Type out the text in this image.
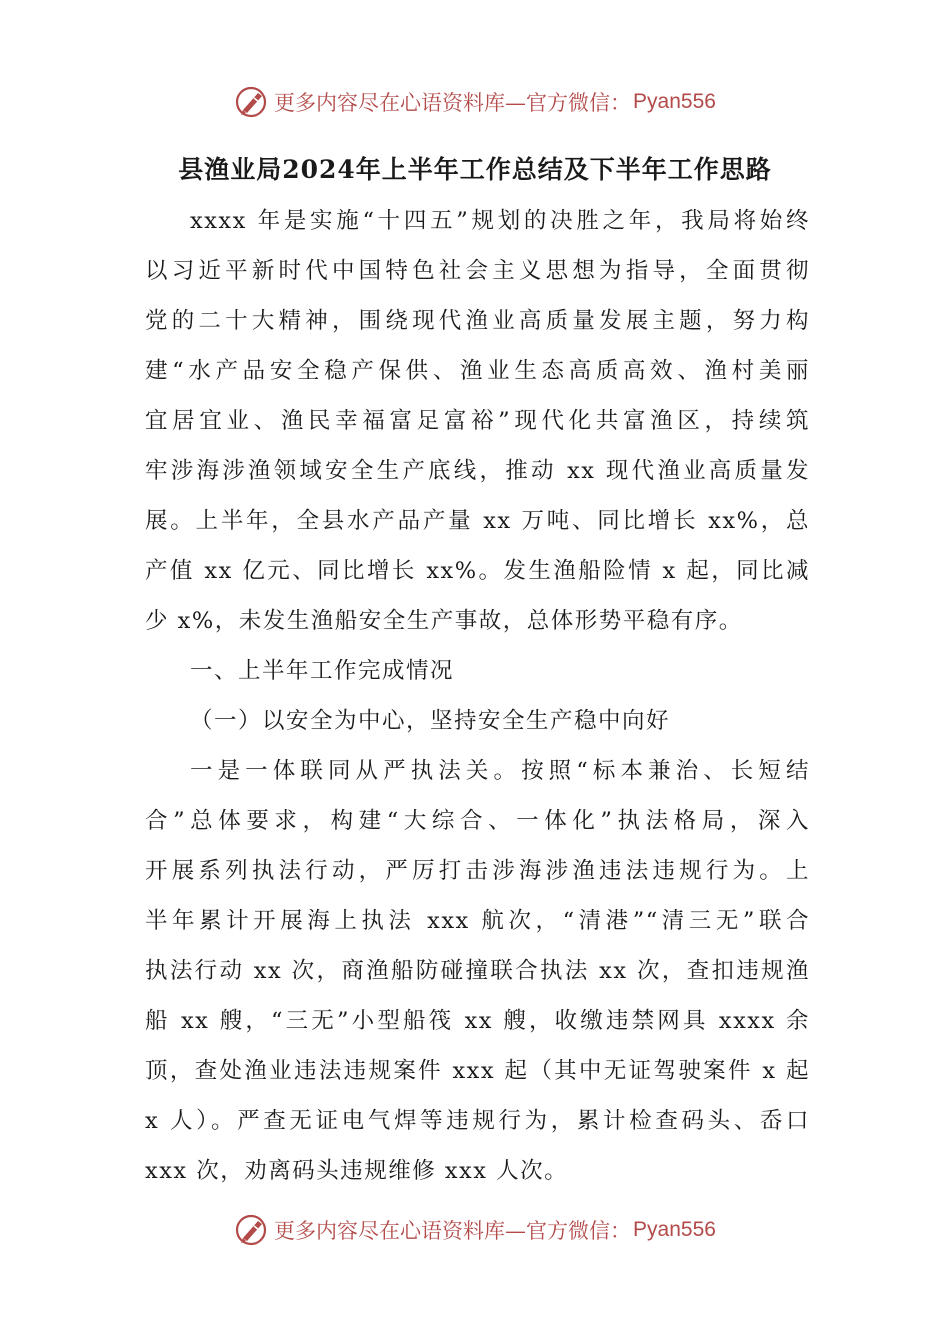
更多内容尽在心语资料库—官方微信： Pyan556
县渔业局2024年上半年工作总结及下半年工作思路
xxxx 年是实施“十四五”规划的决胜之年，我局将始终
以习近平新时代中国特色社会主义思想为指导，全面贯彻
党的二十大精神，围绕现代渔业高质量发展主题，努力构
建“水产品安全稳产保供、渔业生态高质高效、渔村美丽
宜居宜业、渔民幸福富足富裕”现代化共富渔区，持续筑
牢涉海涉渔领域安全生产底线，推动 xx 现代渔业高质量发
展。上半年，全县水产品产量 xx 万吨、同比增长 xx%，总
产值 xx 亿元、同比增长 xx%。发生渔船险情 x 起，同比减
少 x%，未发生渔船安全生产事故，总体形势平稳有序。
一、上半年工作完成情况
（一）以安全为中心，坚持安全生产稳中向好
一是一体联同从严执法关。按照“标本兼治、长短结
合”总体要求，构建“大综合、一体化”执法格局，深入
开展系列执法行动，严厉打击涉海涉渔违法违规行为。上
半年累计开展海上执法 xxx 航次，“清港”“清三无”联合
执法行动 xx 次，商渔船防碰撞联合执法 xx 次，查扣违规渔
船 xx 艘，“三无”小型船筏 xx 艘，收缴违禁网具 xxxx 余
顶，查处渔业违法违规案件 xxx 起（其中无证驾驶案件 x 起
x 人）。严查无证电气焊等违规行为，累计检查码头、岙口
xxx 次，劝离码头违规维修 xxx 人次。
更多内容尽在心语资料库—官方微信： Pyan556
